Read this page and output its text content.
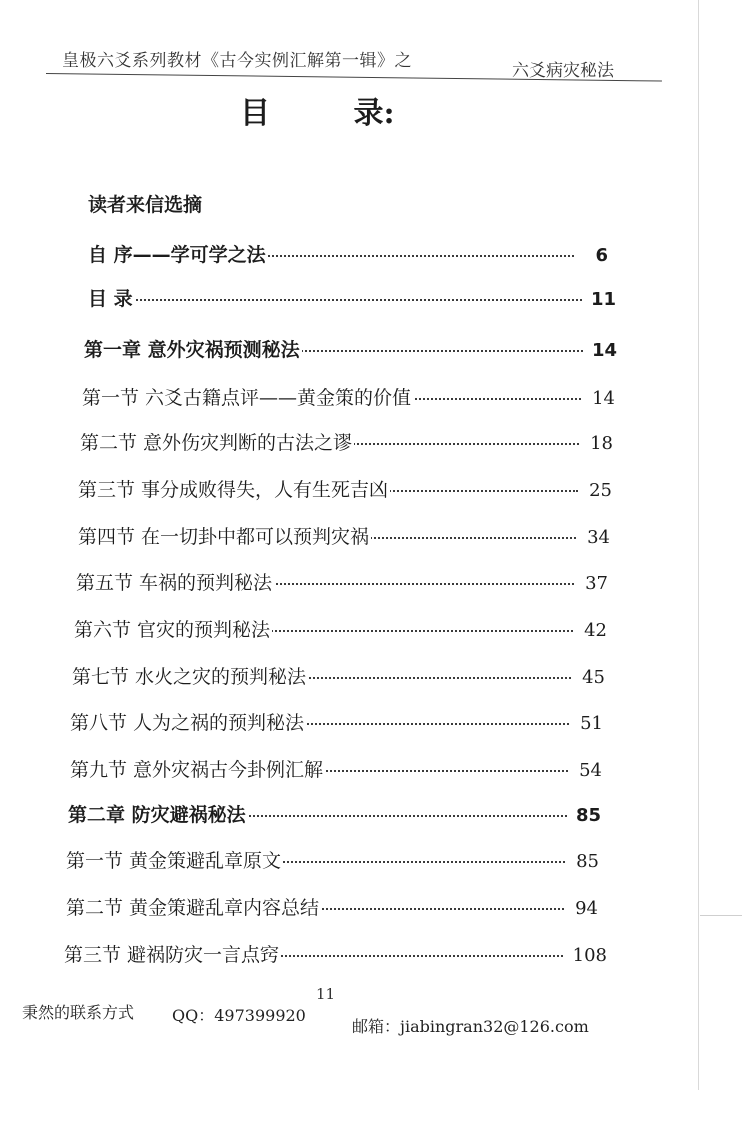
皇极六爻系列教材《古今实例汇解第一辑》之	六爻病灾秘法
目        录:
读者来信选摘
自 序——学可学之法	6
目 录	11
第一章 意外灾祸预测秘法	14
第一节 六爻古籍点评——黄金策的价值	14
第二节 意外伤灾判断的古法之谬	18
第三节 事分成败得失，人有生死吉凶	25
第四节 在一切卦中都可以预判灾祸	34
第五节 车祸的预判秘法	37
第六节 官灾的预判秘法	42
第七节 水火之灾的预判秘法	45
第八节 人为之祸的预判秘法	51
第九节 意外灾祸古今卦例汇解	54
第二章 防灾避祸秘法	85
第一节 黄金策避乱章原文	85
第二节 黄金策避乱章内容总结	94
第三节 避祸防灾一言点窍	108
11
秉然的联系方式 QQ：497399920
邮箱：jiabingran32@126.com
